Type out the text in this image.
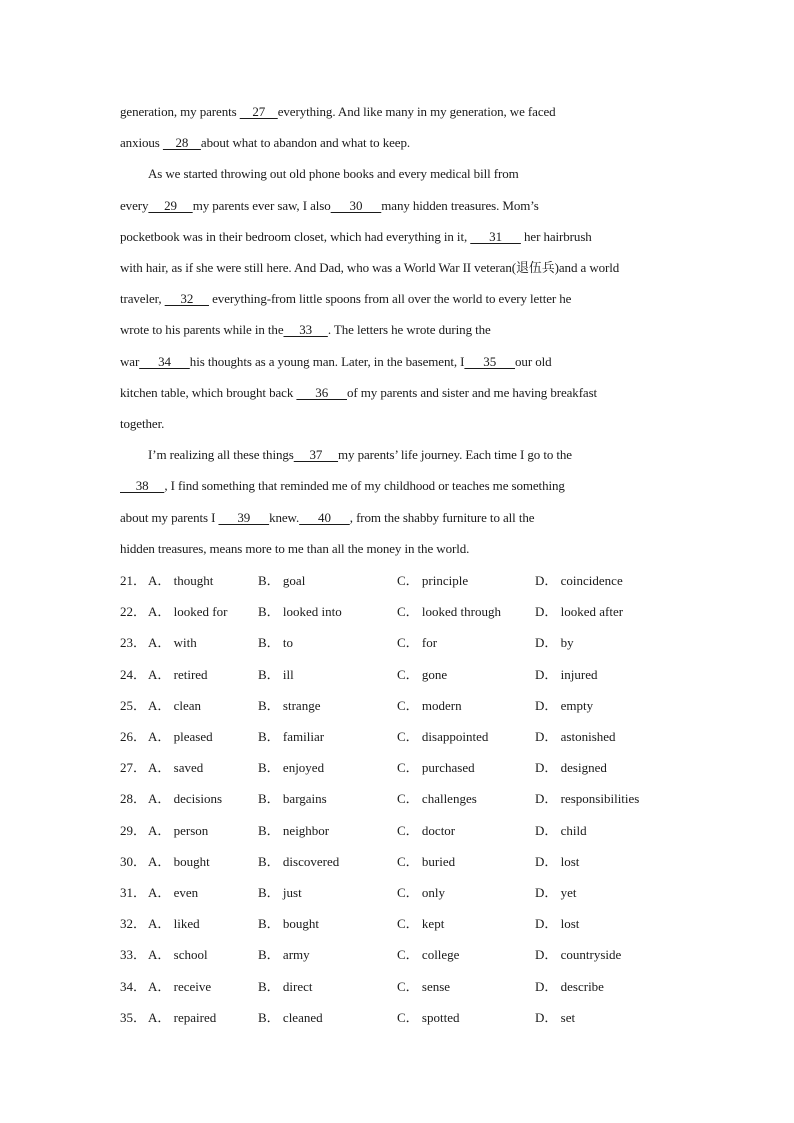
generation, my parents     27    everything. And like many in my generation, we faced
anxious     28    about what to abandon and what to keep.
As we started throwing out old phone books and every medical bill from
every     29     my parents ever saw, I also      30      many hidden treasures. Mom’s
pocketbook was in their bedroom closet, which had everything in it,       31       her hairbrush
with hair, as if she were still here. And Dad, who was a World War II veteran(退伍兵)and a world
traveler,      32      everything-from little spoons from all over the world to every letter he
wrote to his parents while in the     33     . The letters he wrote during the
war      34      his thoughts as a young man. Later, in the basement, I      35      our old
kitchen table, which brought back       36      of my parents and sister and me having breakfast
together.
I’m realizing all these things     37     my parents’ life journey. Each time I go to the
38     , I find something that reminded me of my childhood or teaches me something
about my parents I       39      knew.      40      , from the shabby furniture to all the
hidden treasures, means more to me than all the money in the world.
21． A． thought	B． goal	C． principle	D． coincidence
22． A． looked for B． looked into	C． looked through	D． looked after
23． A． with	B． to	C． for	D． by
24． A． retired	B． ill	C． gone	D． injured
25． A． clean	B． strange	C． modern	D． empty
26． A． pleased	B． familiar	C． disappointed	D． astonished
27． A． saved	B． enjoyed	C． purchased	D． designed
28． A． decisions	B． bargains	C． challenges	D． responsibilities
29． A． person	B． neighbor	C． doctor	D． child
30． A． bought	B． discovered	C． buried	D． lost
31． A． even	B． just	C． only	D． yet
32． A． liked	B． bought	C． kept	D． lost
33． A． school	B． army	C． college	D． countryside
34． A． receive	B． direct	C． sense	D． describe
35． A． repaired	B． cleaned	C． spotted	D． set
